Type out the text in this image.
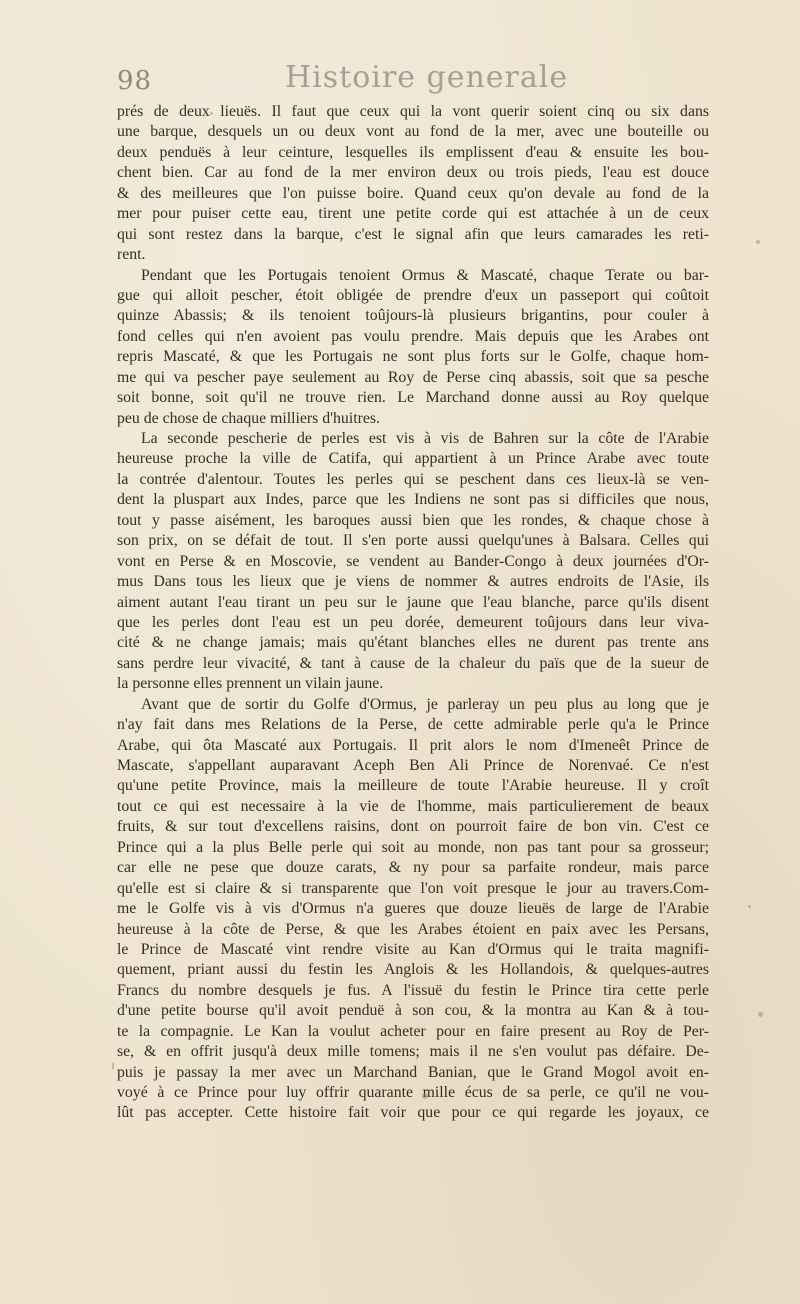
98	Histoire generale
prés de deux lieuës. Il faut que ceux qui la vont querir soient cinq ou six dans
une barque, desquels un ou deux vont au fond de la mer, avec une bouteille ou
deux penduës à leur ceinture, lesquelles ils emplissent d'eau & ensuite les bou-
chent bien. Car au fond de la mer environ deux ou trois pieds, l'eau est douce
& des meilleures que l'on puisse boire. Quand ceux qu'on devale au fond de la
mer pour puiser cette eau, tirent une petite corde qui est attachée à un de ceux
qui sont restez dans la barque, c'est le signal afin que leurs camarades les reti-
rent.
Pendant que les Portugais tenoient Ormus & Mascaté, chaque Terate ou bar-
gue qui alloit pescher, étoit obligée de prendre d'eux un passeport qui coûtoit
quinze Abassis; & ils tenoient toûjours-là plusieurs brigantins, pour couler à
fond celles qui n'en avoient pas voulu prendre. Mais depuis que les Arabes ont
repris Mascaté, & que les Portugais ne sont plus forts sur le Golfe, chaque hom-
me qui va pescher paye seulement au Roy de Perse cinq abassis, soit que sa pesche
soit bonne, soit qu'il ne trouve rien. Le Marchand donne aussi au Roy quelque
peu de chose de chaque milliers d'huitres.
La seconde pescherie de perles est vis à vis de Bahren sur la côte de l'Arabie
heureuse proche la ville de Catifa, qui appartient à un Prince Arabe avec toute
la contrée d'alentour. Toutes les perles qui se peschent dans ces lieux-là se ven-
dent la pluspart aux Indes, parce que les Indiens ne sont pas si difficiles que nous,
tout y passe aisément, les baroques aussi bien que les rondes, & chaque chose à
son prix, on se défait de tout. Il s'en porte aussi quelqu'unes à Balsara. Celles qui
vont en Perse & en Moscovie, se vendent au Bander-Congo à deux journées d'Or-
mus Dans tous les lieux que je viens de nommer & autres endroits de l'Asie, ils
aiment autant l'eau tirant un peu sur le jaune que l'eau blanche, parce qu'ils disent
que les perles dont l'eau est un peu dorée, demeurent toûjours dans leur viva-
cité & ne change jamais; mais qu'étant blanches elles ne durent pas trente ans
sans perdre leur vivacité, & tant à cause de la chaleur du païs que de la sueur de
la personne elles prennent un vilain jaune.
Avant que de sortir du Golfe d'Ormus, je parleray un peu plus au long que je
n'ay fait dans mes Relations de la Perse, de cette admirable perle qu'a le Prince
Arabe, qui ôta Mascaté aux Portugais. Il prit alors le nom d'Imeneêt Prince de
Mascate, s'appellant auparavant Aceph Ben Ali Prince de Norenvaé. Ce n'est
qu'une petite Province, mais la meilleure de toute l'Arabie heureuse. Il y croît
tout ce qui est necessaire à la vie de l'homme, mais particulierement de beaux
fruits, & sur tout d'excellens raisins, dont on pourroit faire de bon vin. C'est ce
Prince qui a la plus Belle perle qui soit au monde, non pas tant pour sa grosseur;
car elle ne pese que douze carats, & ny pour sa parfaite rondeur, mais parce
qu'elle est si claire & si transparente que l'on voit presque le jour au travers.Com-
me le Golfe vis à vis d'Ormus n'a gueres que douze lieuës de large de l'Arabie
heureuse à la côte de Perse, & que les Arabes étoient en paix avec les Persans,
le Prince de Mascaté vint rendre visite au Kan d'Ormus qui le traita magnifi-
quement, priant aussi du festin les Anglois & les Hollandois, & quelques-autres
Francs du nombre desquels je fus. A l'issuë du festin le Prince tira cette perle
d'une petite bourse qu'il avoit penduë à son cou, & la montra au Kan & à tou-
te la compagnie. Le Kan la voulut acheter pour en faire present au Roy de Per-
se, & en offrit jusqu'à deux mille tomens; mais il ne s'en voulut pas défaire. De-
puis je passay la mer avec un Marchand Banian, que le Grand Mogol avoit en-
voyé à ce Prince pour luy offrir quarante mille écus de sa perle, ce qu'il ne vou-
lût pas accepter. Cette histoire fait voir que pour ce qui regarde les joyaux, ce
